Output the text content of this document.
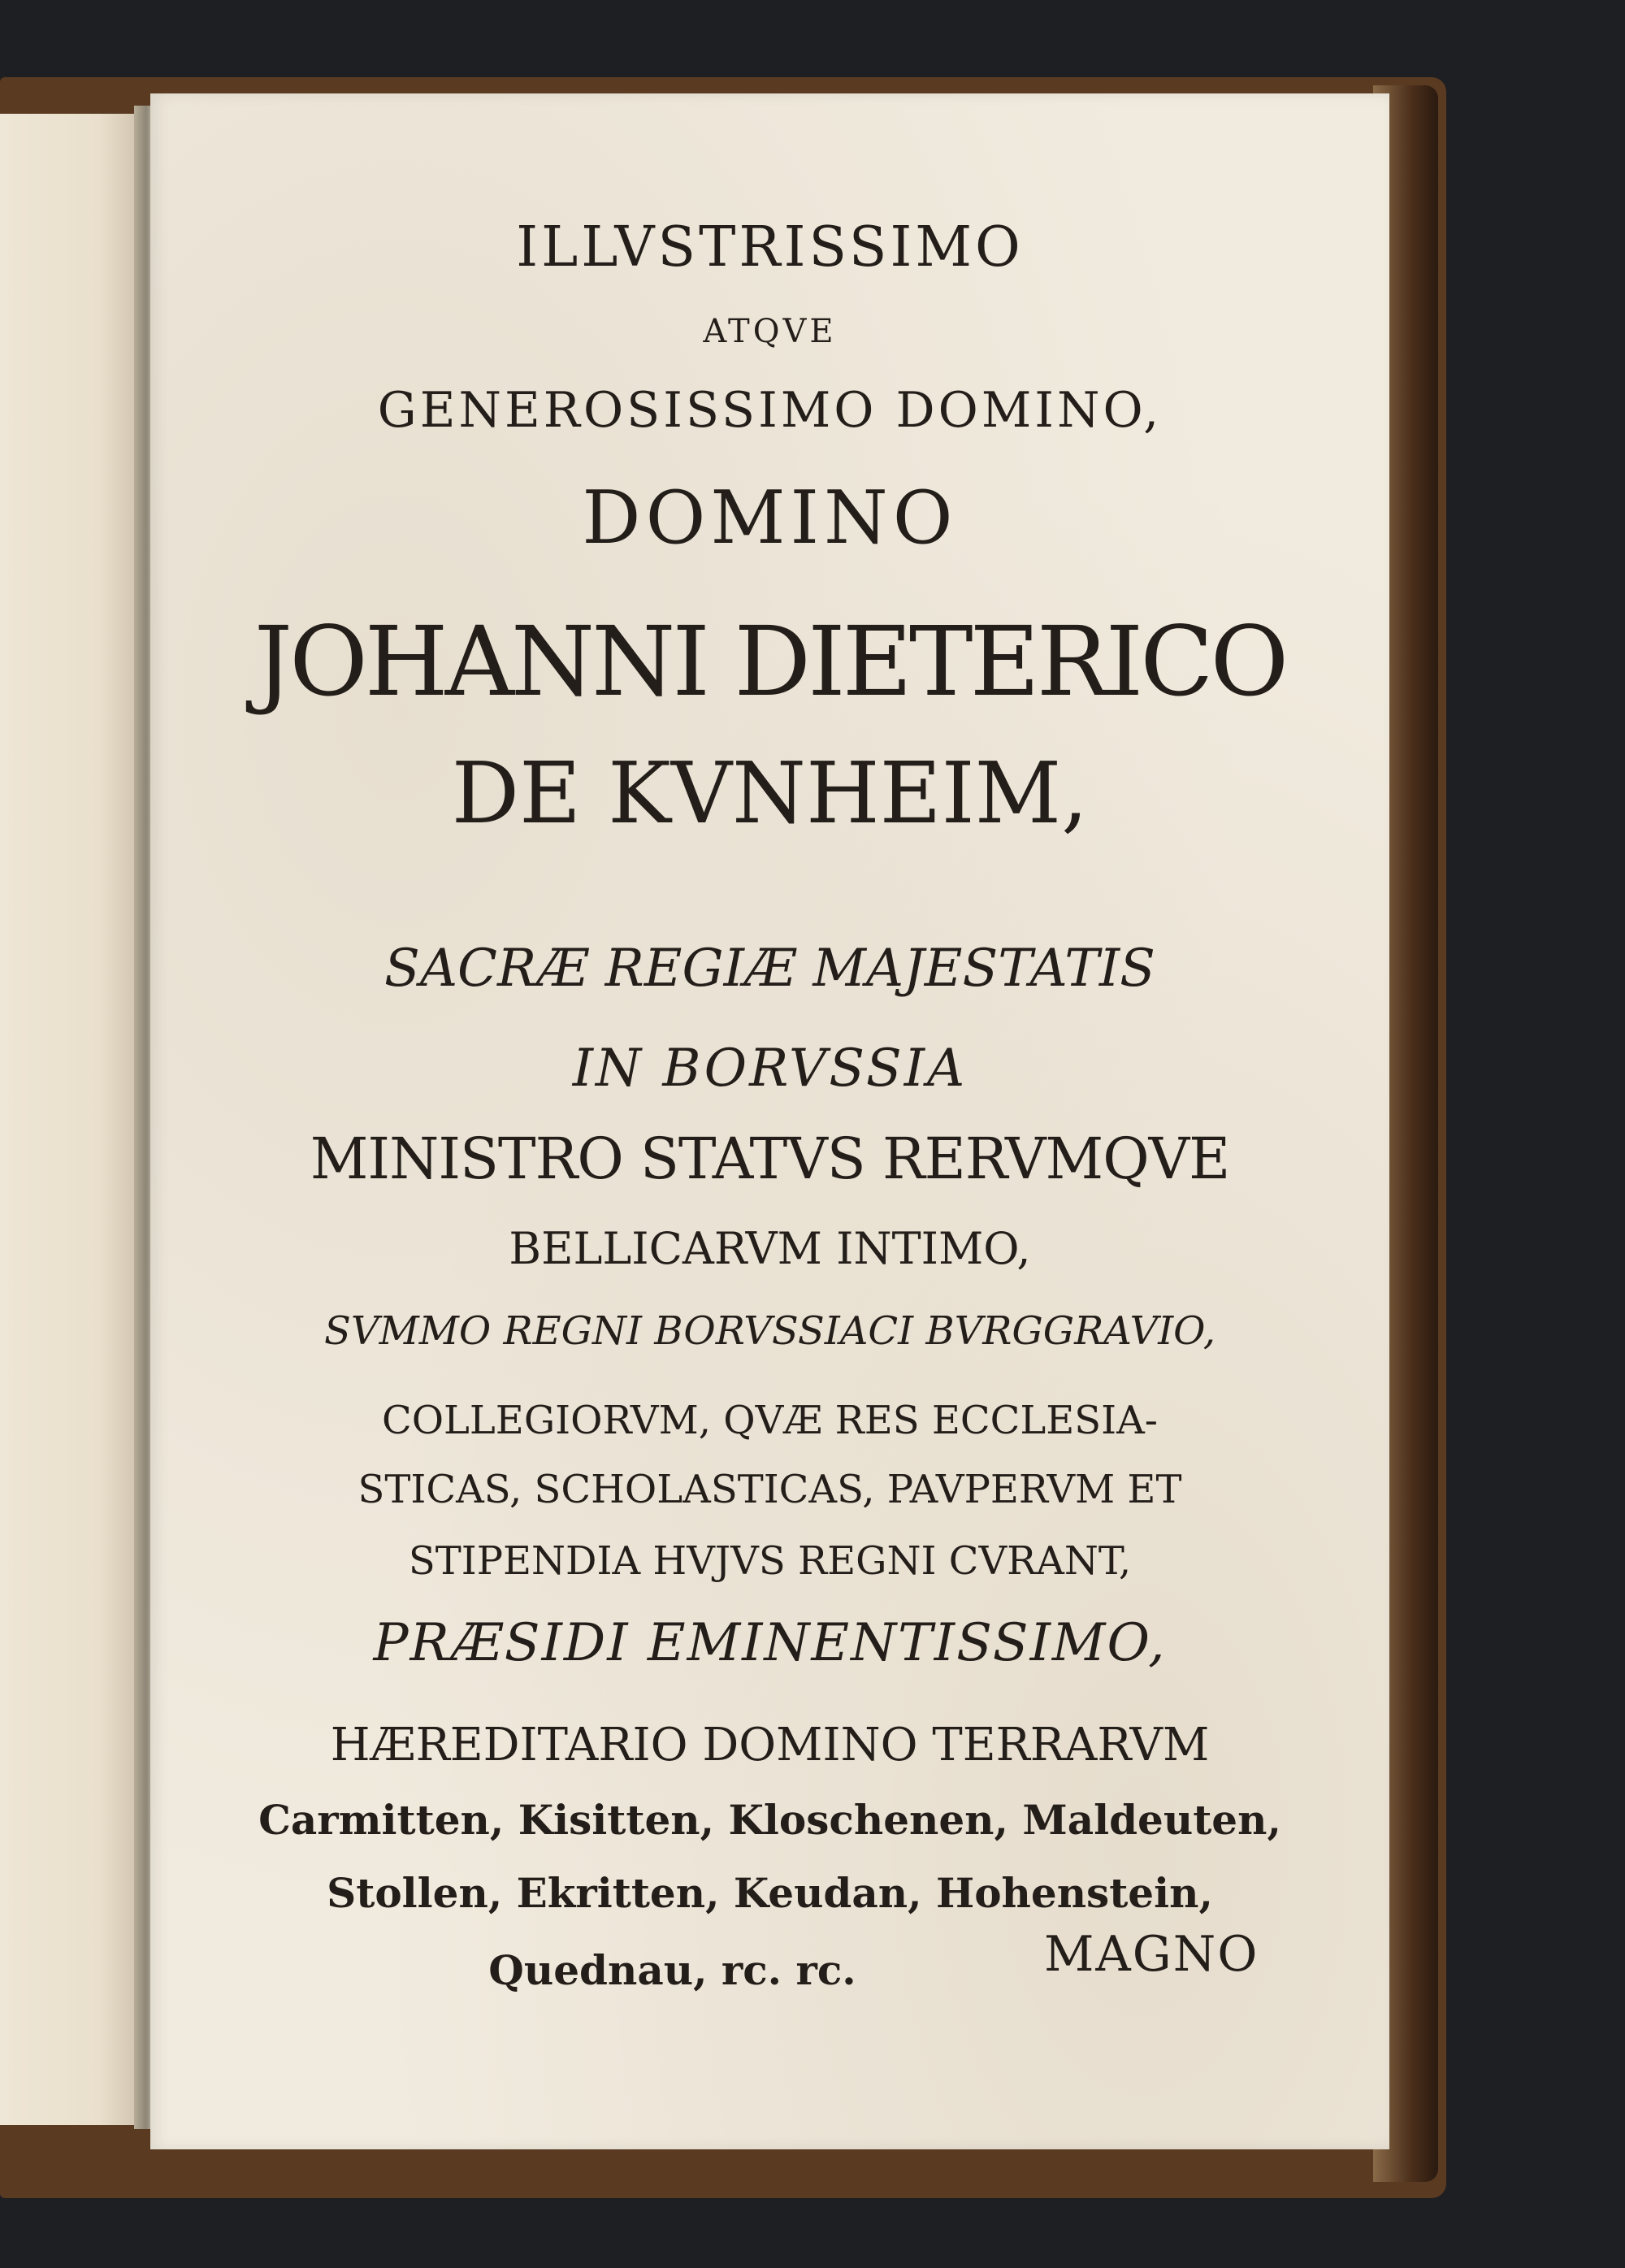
ILLVSTRISSIMO
ATQVE
GENEROSISSIMO DOMINO,
DOMINO
JOHANNI DIETERICO
DE KVNHEIM,
SACRÆ REGIÆ MAJESTATIS
IN BORVSSIA
MINISTRO STATVS RERVMQVE
BELLICARVM INTIMO,
SVMMO REGNI BORVSSIACI BVRGGRAVIO,
COLLEGIORVM, QVÆ RES ECCLESIA-
STICAS, SCHOLASTICAS, PAVPERVM ET
STIPENDIA HVJVS REGNI CVRANT,
PRÆSIDI EMINENTISSIMO,
HÆREDITARIO DOMINO TERRARVM
Carmitten, Kisitten, Kloschenen, Maldeuten,
Stollen, Ekritten, Keudan, Hohenstein,
Quednau, rc. rc.	MAGNO
